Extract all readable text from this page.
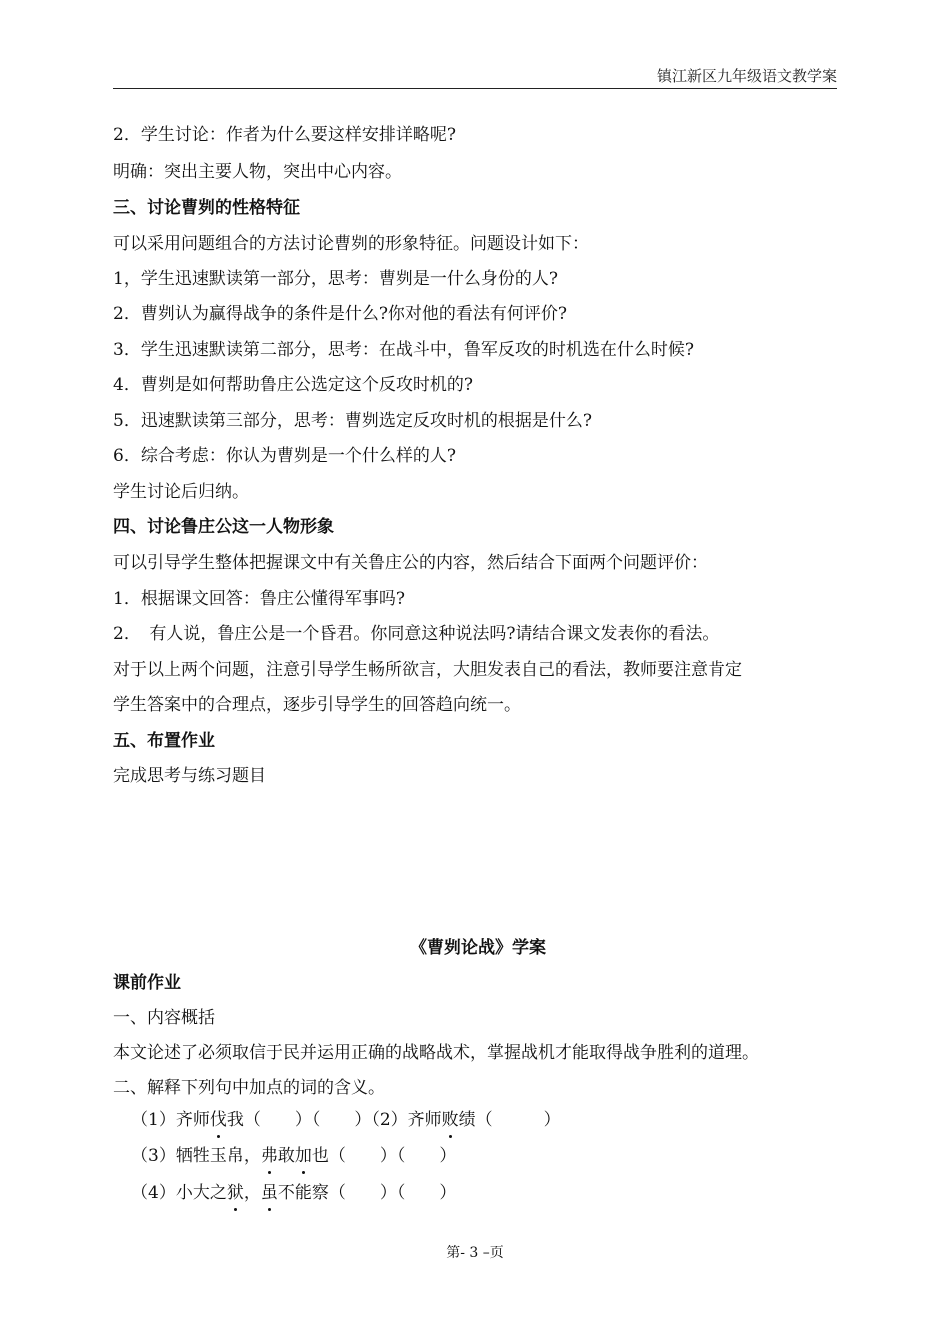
镇江新区九年级语文教学案
2．学生讨论：作者为什么要这样安排详略呢?
明确：突出主要人物，突出中心内容。
三、讨论曹刿的性格特征
可以采用问题组合的方法讨论曹刿的形象特征。问题设计如下：
1，学生迅速默读第一部分，思考：曹刿是一什么身份的人?
2．曹刿认为赢得战争的条件是什么?你对他的看法有何评价?
3．学生迅速默读第二部分，思考：在战斗中，鲁军反攻的时机选在什么时候?
4．曹刿是如何帮助鲁庄公选定这个反攻时机的?
5．迅速默读第三部分，思考：曹刿选定反攻时机的根据是什么?
6．综合考虑：你认为曹刿是一个什么样的人?
学生讨论后归纳。
四、讨论鲁庄公这一人物形象
可以引导学生整体把握课文中有关鲁庄公的内容，然后结合下面两个问题评价：
1．根据课文回答：鲁庄公懂得军事吗?
2．　有人说，鲁庄公是一个昏君。你同意这种说法吗?请结合课文发表你的看法。
对于以上两个问题，注意引导学生畅所欲言，大胆发表自己的看法，教师要注意肯定
学生答案中的合理点，逐步引导学生的回答趋向统一。
五、布置作业
完成思考与练习题目
《曹刿论战》学案
课前作业
一、内容概括
本文论述了必须取信于民并运用正确的战略战术，掌握战机才能取得战争胜利的道理。
二、解释下列句中加点的词的含义。
（1）齐师伐我（　　）（　　）（2）齐师败绩（　　　）
（3）牺牲玉帛，弗敢加也（　　）（　　）
（4）小大之狱，虽不能察（　　）（　　）
第- 3 –页
